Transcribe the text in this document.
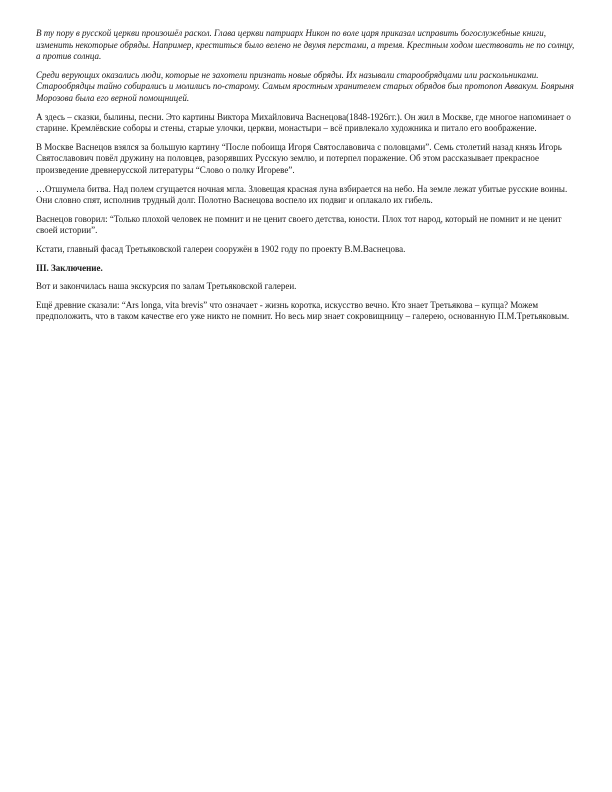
В ту пору в русской церкви произошёл раскол. Глава церкви патриарх Никон по воле царя приказал исправить богослужебные книги, изменить некоторые обряды. Например, креститься было велено не двумя перстами, а тремя. Крестным ходом шествовать не по солнцу, а против солнца.

Среди верующих оказались люди, которые не захотели признать новые обряды. Их называли старообрядцами или раскольниками. Старообрядцы тайно собирались и молились по-старому. Самым яростным хранителем старых обрядов был протопоп Аввакум. Боярыня Морозова была его верной помощницей.

А здесь – сказки, былины, песни. Это картины Виктора Михайловича Васнецова(1848-1926гг.). Он жил в Москве, где многое напоминает о старине. Кремлёвские соборы и стены, старые улочки, церкви, монастыри – всё привлекало художника и питало его воображение.

В Москве Васнецов взялся за большую картину “После побоища Игоря Святославовича с половцами”. Семь столетий назад князь Игорь Святославович повёл дружину на половцев, разорявших Русскую землю, и потерпел поражение. Об этом рассказывает прекрасное произведение древнерусской литературы “Слово о полку Игореве”.

…Отшумела битва. Над полем сгущается ночная мгла. Зловещая красная луна взбирается на небо. На земле лежат убитые русские воины. Они словно спят, исполнив трудный долг. Полотно Васнецова воспело их подвиг и оплакало их гибель.

Васнецов говорил: “Только плохой человек не помнит и не ценит своего детства, юности. Плох тот народ, который не помнит и не ценит своей истории”.

Кстати, главный фасад Третьяковской галереи сооружён в 1902 году по проекту В.М.Васнецова.

III. Заключение.

Вот и закончилась наша экскурсия по залам Третьяковской галереи.

Ещё древние сказали: “Ars longa, vita brevis” что означает - жизнь коротка, искусство вечно. Кто знает Третьякова – купца? Можем предположить, что в таком качестве его уже никто не помнит. Но весь мир знает сокровищницу – галерею, основанную П.М.Третьяковым.
